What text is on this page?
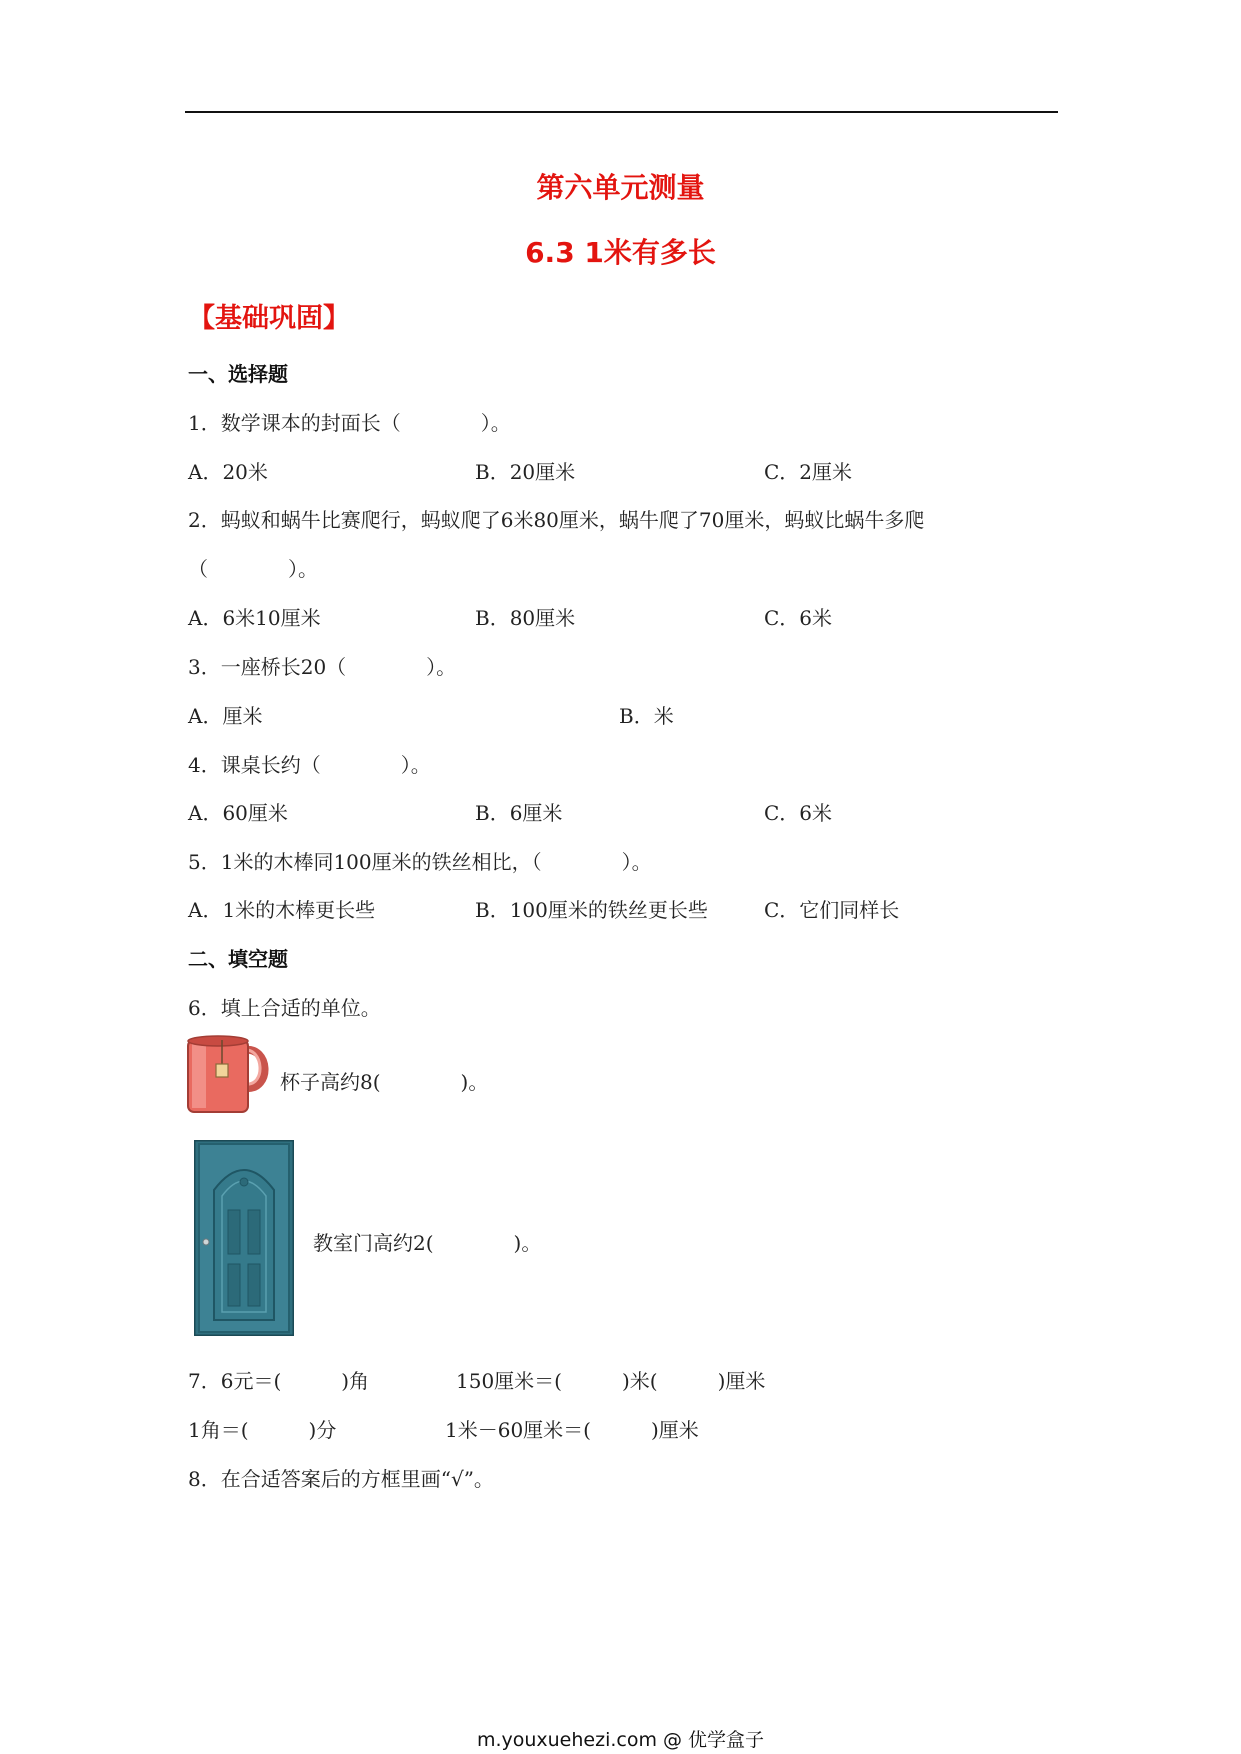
第六单元测量
6.3 1米有多长
【基础巩固】
一、选择题
1．数学课本的封面长（　　　　）。
A．20米	B．20厘米	C．2厘米
2．蚂蚁和蜗牛比赛爬行，蚂蚁爬了6米80厘米，蜗牛爬了70厘米，蚂蚁比蜗牛多爬
（　　　　）。
A．6米10厘米	B．80厘米	C．6米
3．一座桥长20（　　　　）。
A．厘米	B．米
4．课桌长约（　　　　）。
A．60厘米	B．6厘米	C．6米
5．1米的木棒同100厘米的铁丝相比，（　　　　）。
A．1米的木棒更长些	B．100厘米的铁丝更长些	C．它们同样长
二、填空题
6．填上合适的单位。
杯子高约8(　　　　)。
教室门高约2(　　　　)。
7．6元＝(　　　)角	150厘米＝(　　　)米(　　　)厘米
1角＝(　　　)分	1米－60厘米＝(　　　)厘米
8．在合适答案后的方框里画“√”。
m.youxuehezi.com @ 优学盒子
